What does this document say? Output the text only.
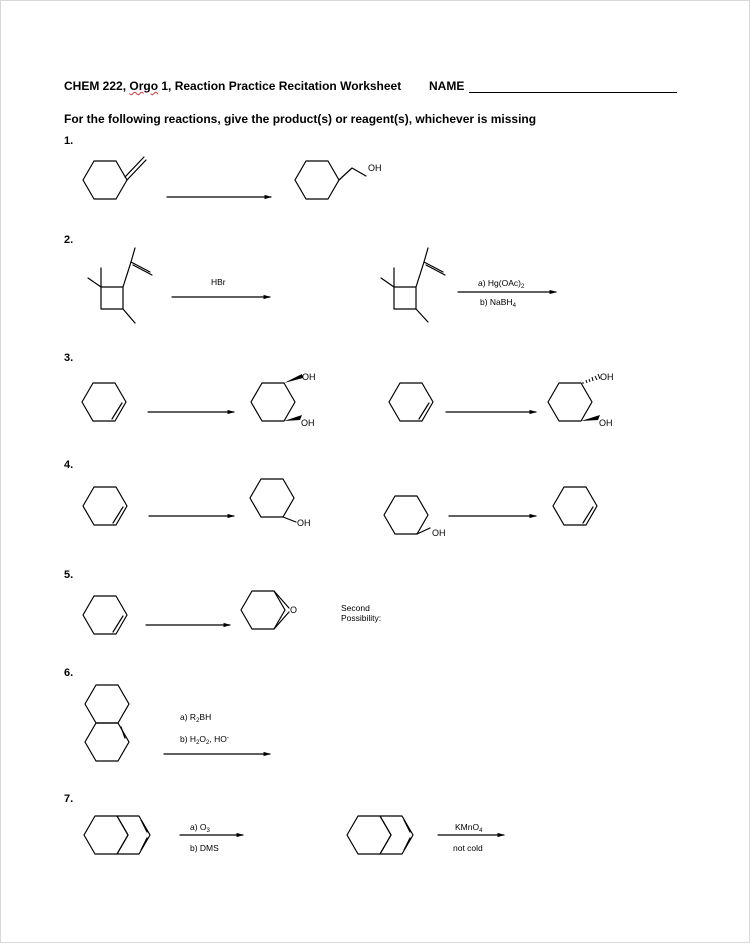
CHEM 222, Orgo 1, Reaction Practice Recitation Worksheet NAME
For the following reactions, give the product(s) or reagent(s), whichever is missing
1.
2.
3.
4.
5.
6.
7.
HBr	a) $Hg(OAc)_2$
b) NaBH$_4$
Second
Possibility:
a) $R_2BH$
b) $H_2O_2$, HO-
a) $O_3$
b) DMS
KMnO$_4$
not cold
OH
OH
OH
OH
OH
OH
OH
O
